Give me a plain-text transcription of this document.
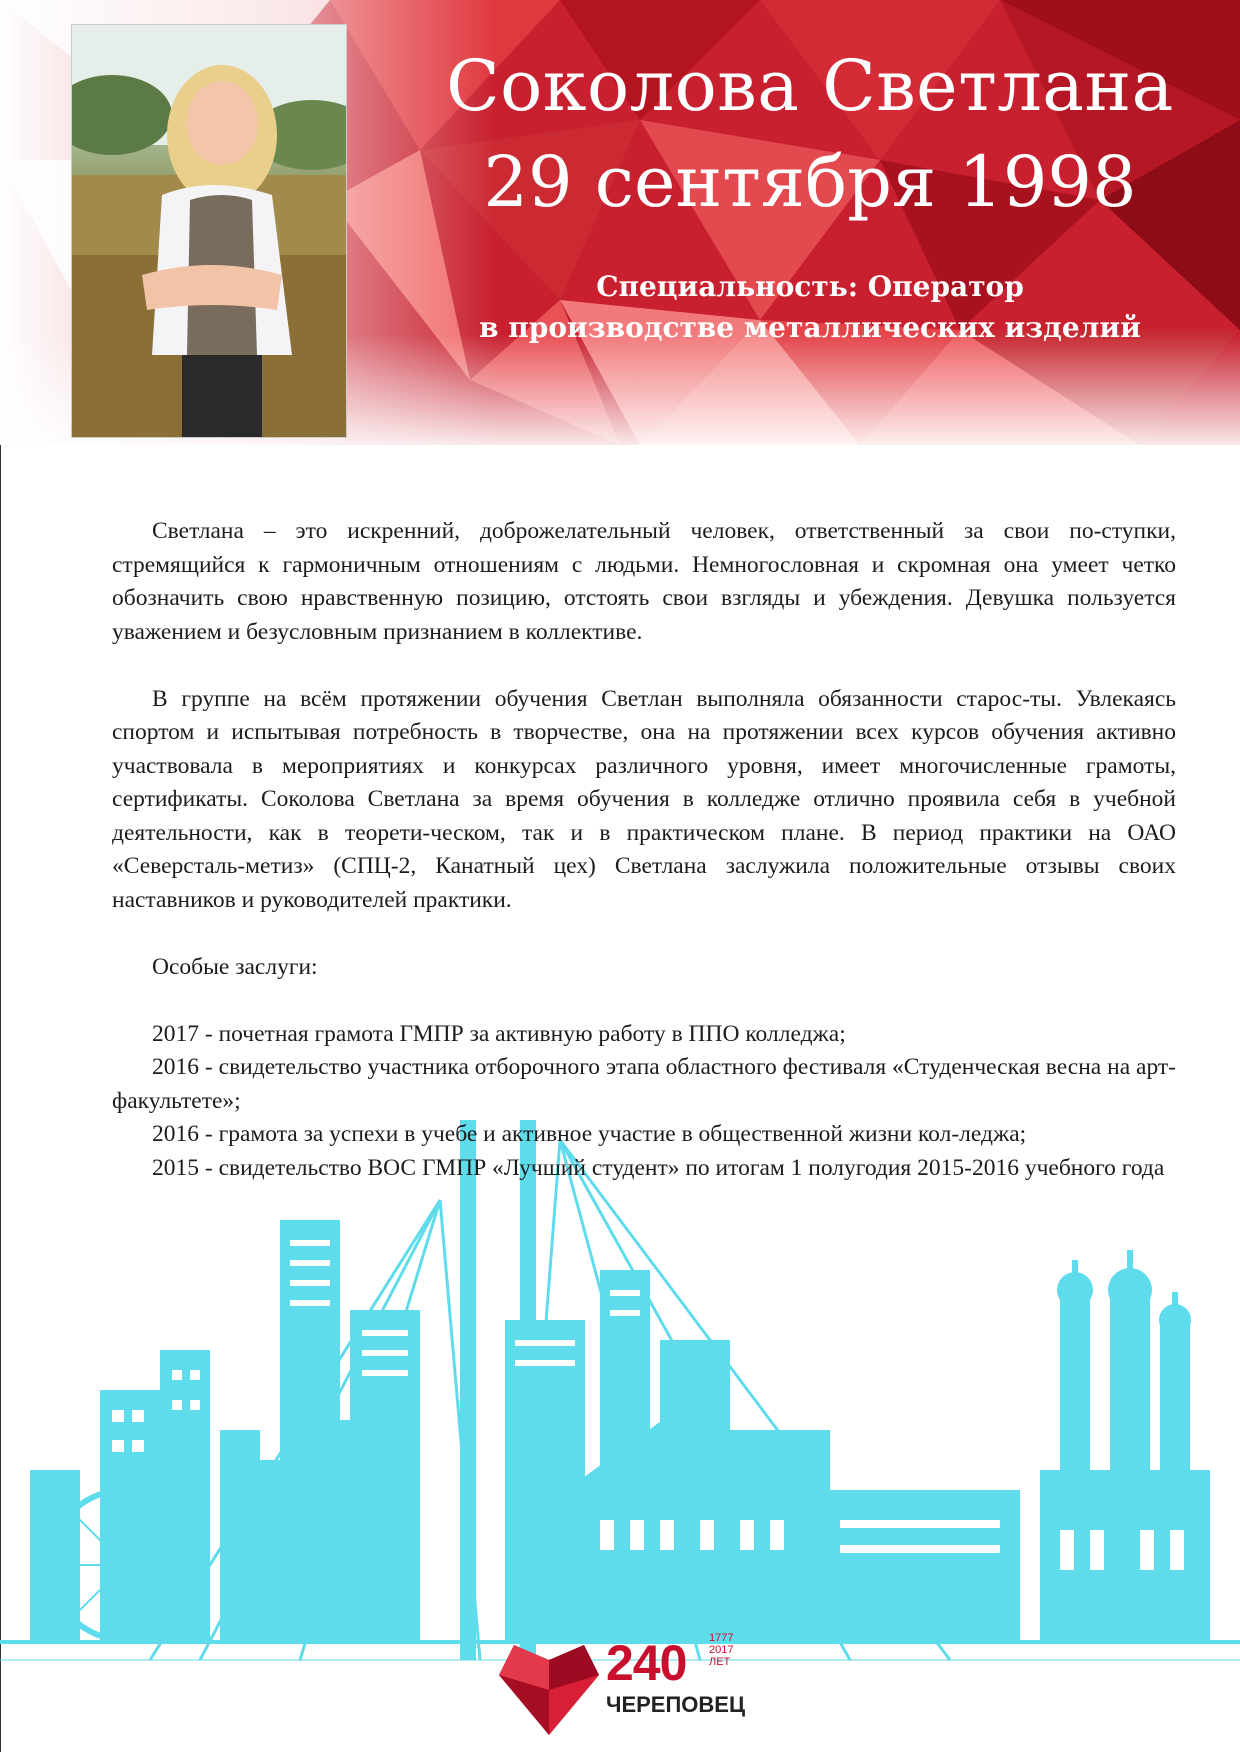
Соколова Светлана
29 сентября 1998
Специальность: Оператор
в производстве металлических изделий

Светлана – это искренний, доброжелательный человек, ответственный за свои по-ступки, стремящийся к гармоничным отношениям с людьми. Немногословная и скромная она умеет четко обозначить свою нравственную позицию, отстоять свои взгляды и убеждения. Девушка пользуется уважением и безусловным признанием в коллективе.

В группе на всём протяжении обучения Светлан выполняла обязанности старос-ты. Увлекаясь спортом и испытывая потребность в творчестве, она на протяжении всех курсов обучения активно участвовала в мероприятиях и конкурсах различного уровня, имеет многочисленные грамоты, сертификаты. Соколова Светлана за время обучения в колледже отлично проявила себя в учебной деятельности, как в теорети-ческом, так и в практическом плане. В период практики на ОАО «Северсталь-метиз» (СПЦ-2, Канатный цех) Светлана заслужила положительные отзывы своих наставников и руководителей практики.

Особые заслуги:

2017 - почетная грамота ГМПР за активную работу в ППО колледжа;

2016 - свидетельство участника отборочного этапа областного фестиваля «Студенческая весна на арт- факультете»;

2016 - грамота за успехи в учебе и активное участие в общественной жизни кол-леджа;

2015 - свидетельство ВОС ГМПР «Лучший студент» по итогам 1 полугодия 2015-2016 учебного года

240 1777
2017
ЛЕТ
ЧЕРЕПОВЕЦ
